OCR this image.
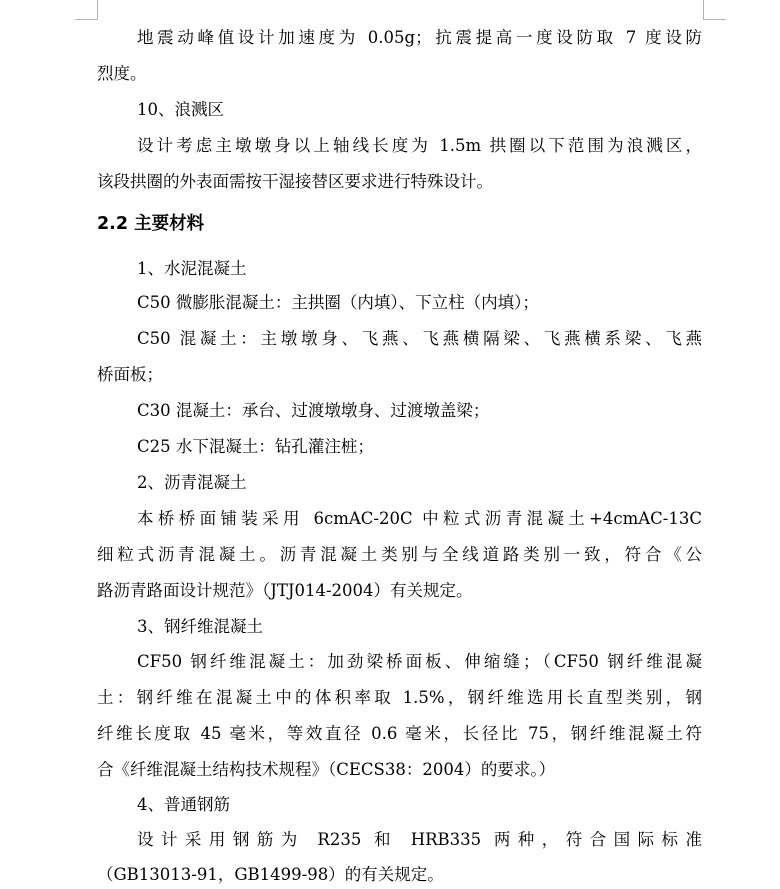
地震动峰值设计加速度为 0.05g；抗震提高一度设防取 7 度设防
烈度。
10、浪溅区
设计考虑主墩墩身以上轴线长度为 1.5m 拱圈以下范围为浪溅区，
该段拱圈的外表面需按干湿接替区要求进行特殊设计。
2.2 主要材料
1、水泥混凝土
C50 微膨胀混凝土：主拱圈（内填）、下立柱（内填）；
C50 混凝土：主墩墩身、飞燕、飞燕横隔梁、飞燕横系梁、飞燕
桥面板；
C30 混凝土：承台、过渡墩墩身、过渡墩盖梁；
C25 水下混凝土：钻孔灌注桩；
2、沥青混凝土
本桥桥面铺装采用 6cmAC-20C 中粒式沥青混凝土+4cmAC-13C
细粒式沥青混凝土。沥青混凝土类别与全线道路类别一致，符合《公
路沥青路面设计规范》（JTJ014-2004）有关规定。
3、钢纤维混凝土
CF50 钢纤维混凝土：加劲梁桥面板、伸缩缝；（CF50 钢纤维混凝
土：钢纤维在混凝土中的体积率取 1.5%，钢纤维选用长直型类别，钢
纤维长度取 45 毫米，等效直径 0.6 毫米，长径比 75，钢纤维混凝土符
合《纤维混凝土结构技术规程》（CECS38：2004）的要求。）
4、普通钢筋
设计采用钢筋为 R235 和 HRB335 两种，符合国际标准
（GB13013-91，GB1499-98）的有关规定。
